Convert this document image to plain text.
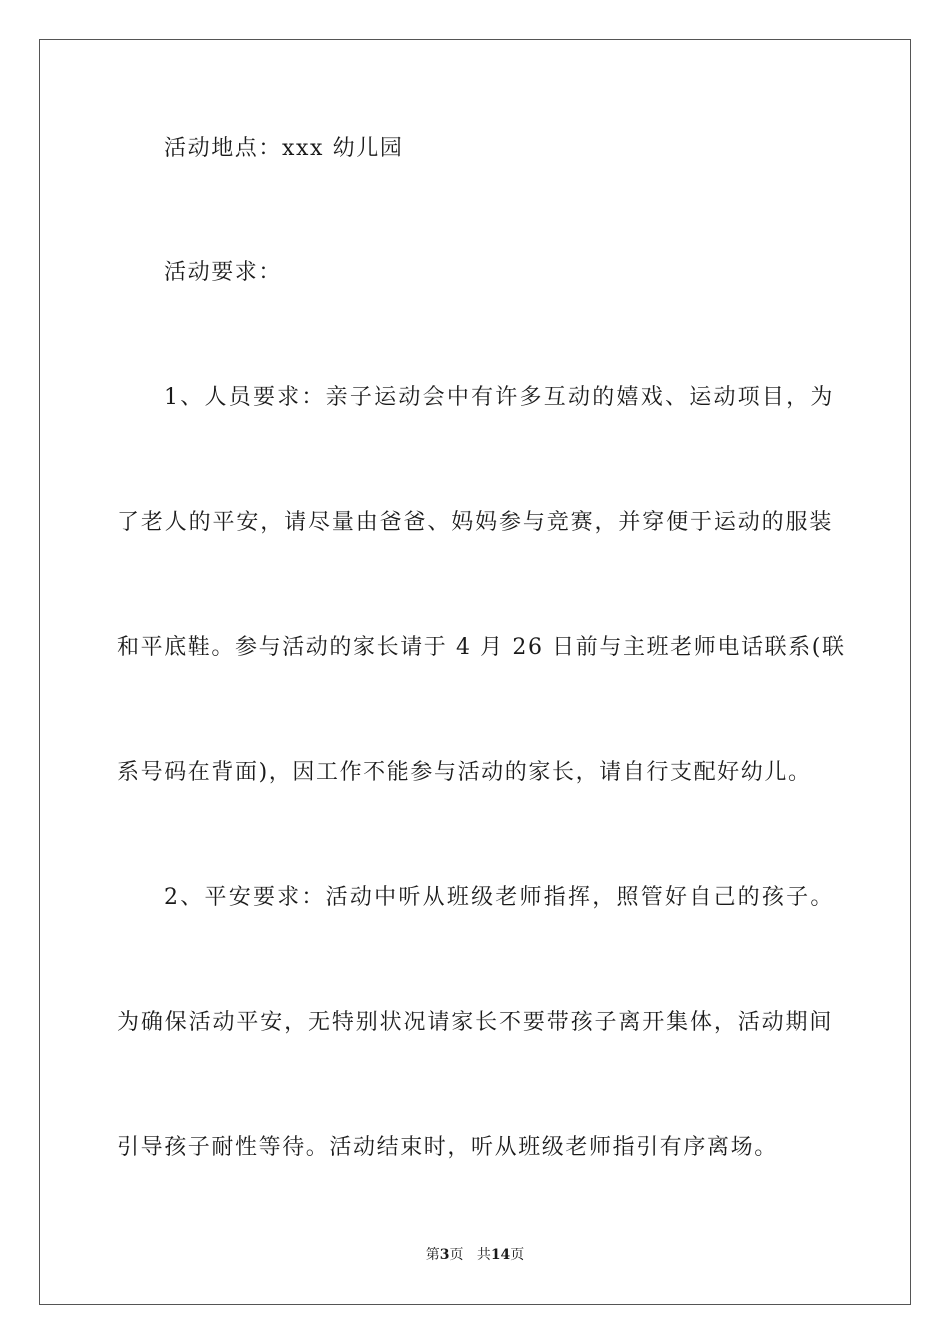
活动地点：xxx 幼儿园
活动要求：
1、人员要求：亲子运动会中有许多互动的嬉戏、运动项目，为
了老人的平安，请尽量由爸爸、妈妈参与竞赛，并穿便于运动的服装
和平底鞋。参与活动的家长请于 4 月 26 日前与主班老师电话联系(联
系号码在背面)，因工作不能参与活动的家长，请自行支配好幼儿。
2、平安要求：活动中听从班级老师指挥，照管好自己的孩子。
为确保活动平安，无特别状况请家长不要带孩子离开集体，活动期间
引导孩子耐性等待。活动结束时，听从班级老师指引有序离场。
第3页 共14页
